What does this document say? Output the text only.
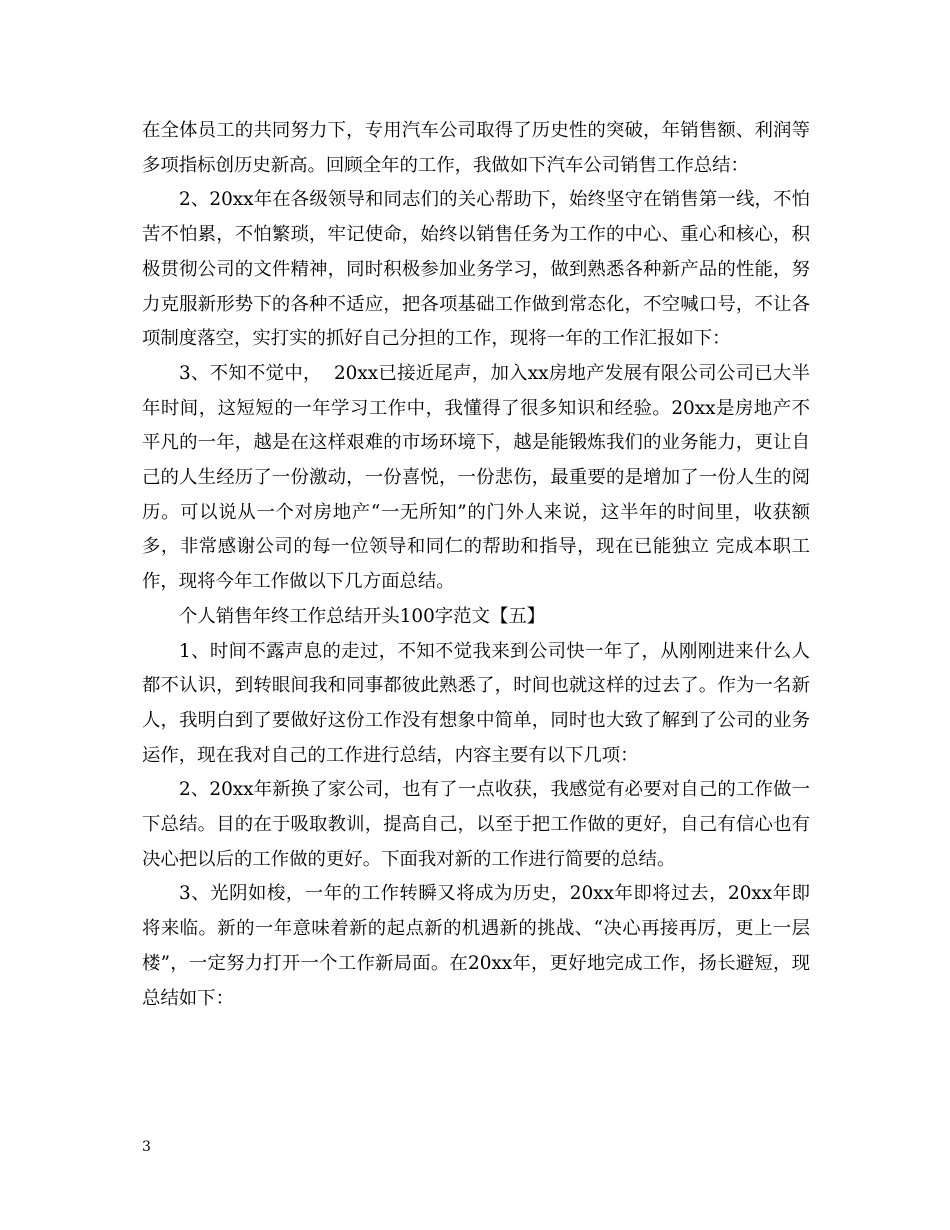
在全体员工的共同努力下，专用汽车公司取得了历史性的突破，年销售额、利润等多项指标创历史新高。回顾全年的工作，我做如下汽车公司销售工作总结：

2、20xx年在各级领导和同志们的关心帮助下，始终坚守在销售第一线，不怕苦不怕累，不怕繁琐，牢记使命，始终以销售任务为工作的中心、重心和核心，积极贯彻公司的文件精神，同时积极参加业务学习，做到熟悉各种新产品的性能，努力克服新形势下的各种不适应，把各项基础工作做到常态化，不空喊口号，不让各项制度落空，实打实的抓好自己分担的工作，现将一年的工作汇报如下：

3、不知不觉中，  20xx已接近尾声，加入xx房地产发展有限公司公司已大半年时间，这短短的一年学习工作中，我懂得了很多知识和经验。20xx是房地产不平凡的一年，越是在这样艰难的市场环境下，越是能锻炼我们的业务能力，更让自己的人生经历了一份激动，一份喜悦，一份悲伤，最重要的是增加了一份人生的阅历。可以说从一个对房地产“一无所知”的门外人来说，这半年的时间里，收获额多，非常感谢公司的每一位领导和同仁的帮助和指导，现在已能独立 完成本职工作，现将今年工作做以下几方面总结。

个人销售年终工作总结开头100字范文【五】

1、时间不露声息的走过，不知不觉我来到公司快一年了，从刚刚进来什么人都不认识，到转眼间我和同事都彼此熟悉了，时间也就这样的过去了。作为一名新人，我明白到了要做好这份工作没有想象中简单，同时也大致了解到了公司的业务运作，现在我对自己的工作进行总结，内容主要有以下几项：

2、20xx年新换了家公司，也有了一点收获，我感觉有必要对自己的工作做一下总结。目的在于吸取教训，提高自己，以至于把工作做的更好，自己有信心也有决心把以后的工作做的更好。下面我对新的工作进行简要的总结。

3、光阴如梭，一年的工作转瞬又将成为历史，20xx年即将过去，20xx年即将来临。新的一年意味着新的起点新的机遇新的挑战、“决心再接再厉，更上一层楼”，一定努力打开一个工作新局面。在20xx年，更好地完成工作，扬长避短，现总结如下：

3
